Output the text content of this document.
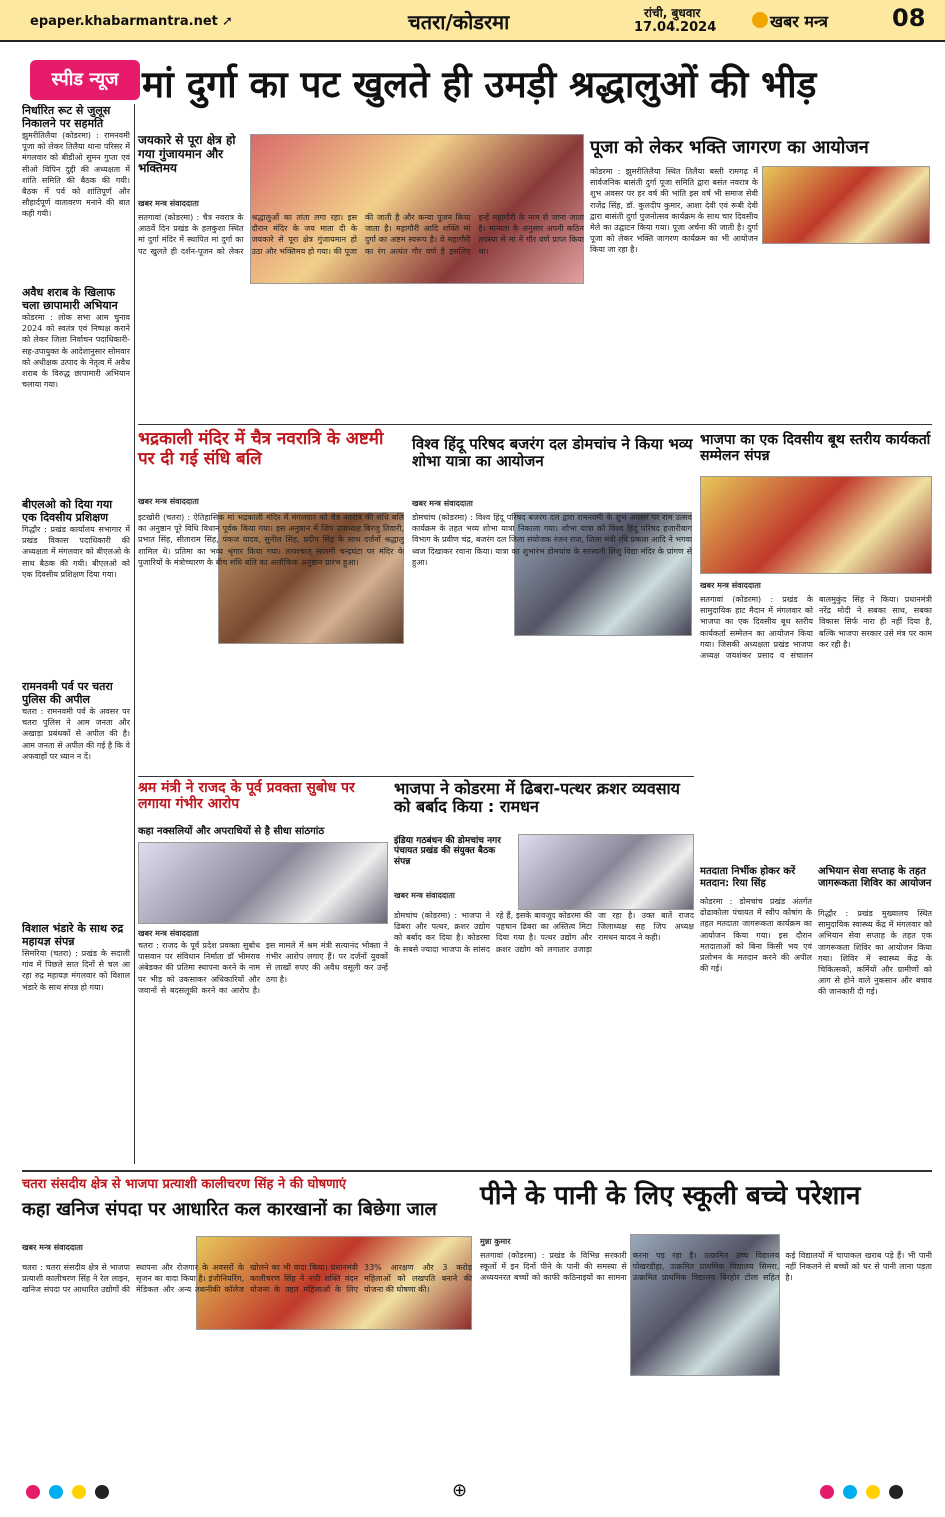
epaper.khabarmantra.net ➚	चतरा/कोडरमा	रांची, बुधवार
17.04.2024	खबर मन्त्र	08
स्पीड न्यूज मां दुर्गा का पट खुलते ही उमड़ी श्रद्धालुओं की भीड़
निर्धारित रूट से जुलूस निकालने पर सहमति

झुमरीतिलैया (कोडरमा) : रामनवमी पूजा को लेकर तिलैया थाना परिसर में मंगलवार को बीडीओ सुमन गुप्ता एवं सीओ विपिन दुद्दी की अध्यक्षता में शांति समिति की बैठक की गयी। बैठक में पर्व को शांतिपूर्ण और सौहार्दपूर्ण वातावरण मनाने की बात कही गयी।

अवैध शराब के खिलाफ चला छापामारी अभियान

कोडरमा : लोक सभा आम चुनाव 2024 को स्वतंत्र एवं निष्पक्ष कराने को लेकर जिला निर्वाचन पदाधिकारी-सह-उपायुक्त के आदेशानुसार सोमवार को अधीक्षक उत्पाद के नेतृत्व में अवैध शराब के विरुद्ध छापामारी अभियान चलाया गया।

बीएलओ को दिया गया एक दिवसीय प्रशिक्षण

गिद्धौर : प्रखंड कार्यालय सभागार में प्रखंड विकास पदाधिकारी की अध्यक्षता में मंगलवार को बीएलओ के साथ बैठक की गयी। बीएलओ को एक दिवसीय प्रशिक्षण दिया गया।

रामनवमी पर्व पर चतरा पुलिस की अपील

चतरा : रामनवमी पर्व के अवसर पर चतरा पुलिस ने आम जनता और अखाड़ा प्रबंधकों से अपील की है। आम जनता से अपील की गई है कि वे अफवाहों पर ध्यान न दें।

विशाल भंडारे के साथ रुद्र महायज्ञ संपन्न

सिमरिया (चतरा) : प्रखंड के सदाली गांव में पिछले सात दिनों से चल आ रहा रुद्र महायज्ञ मंगलवार को विशाल भंडारे के साथ संपन्न हो गया।

जयकारे से पूरा क्षेत्र हो गया गुंजायमान और भक्तिमय
खबर मन्त्र संवाददाता
सतगावां (कोडरमा) : चैत्र नवरात्र के आठवें दिन प्रखंड के हलकुशा स्थित मां दुर्गा मंदिर में स्थापित मां दुर्गा का पट खुलते ही दर्शन-पूजन को लेकर श्रद्धालुओं का तांता लगा रहा। इस दौरान मंदिर के जय माता दी के जयकारे से पूरा क्षेत्र गुंजायमान हो उठा और भक्तिमय हो गया। की पूजा की जाती है और कन्या पूजन किया जाता है। महागौरी आदि शक्ति मां दुर्गा का अष्टम स्वरूप है। वे महागौरी का रंग अत्यंत गौर वर्ण है इसलिए इन्हें महागौरी के नाम से जाना जाता है। मान्यता के अनुसार अपनी कठिन तपस्या से मां ने गौर वर्ण प्राप्त किया था।
पूजा को लेकर भक्ति जागरण का आयोजन
कोडरमा : झुमरीतिलैया स्थित तिलैया बस्ती रामगढ़ में सार्वजनिक बासंती दुर्गा पूजा समिति द्वारा बसंत नवरात्र के शुभ अवसर पर हर वर्ष की भांति इस वर्ष भी समाज सेवी राजेंद्र सिंह, डॉ. कुलदीप कुमार, आशा देवी एवं रूबी देवी द्वारा बासंती दुर्गा पुजनोत्सव कार्यक्रम के साथ चार दिवसीय मेले का उद्घाटन किया गया। पूजा अर्चना की जाती है। दुर्गा पूजा को लेकर भक्ति जागरण कार्यक्रम का भी आयोजन किया जा रहा है।
भद्रकाली मंदिर में चैत्र नवरात्रि के अष्टमी पर दी गई संधि बलि
खबर मन्त्र संवाददाता
इटखोरी (चतरा) : ऐतिहासिक मां भद्रकाली मंदिर में मंगलवार को चैत्र नवरात्र की संधि बलि का अनुष्ठान पूरे विधि विधान पूर्वक किया गया। इस अनुष्ठान में जिप उपाध्यक्ष बिरजु तिवारी, प्रभात सिंह, सीताराम सिंह, पंकज यादव, सुनील सिंह, प्रदीप सिंह के साथ दर्जनों श्रद्धालु शामिल थे। प्रतिमा का भव्य श्रृंगार किया गया। तत्पश्चात् सप्तमी चन्द्रघंटा पर मंदिर के पुजारियों के मंत्रोच्चारण के बीच संधि बलि का अलौकिक अनुष्ठान प्रारंभ हुआ।
विश्व हिंदू परिषद बजरंग दल डोमचांच ने किया भव्य शोभा यात्रा का आयोजन
खबर मन्त्र संवाददाता
डोमचांच (कोडरमा) : विश्व हिंदू परिषद बजरंग दल द्वारा रामनवमी के शुभ अवसर पर राम उत्सव कार्यक्रम के तहत भव्य शोभा यात्रा निकाला गया। शोभा यात्रा को विश्व हिंदू परिषद हजारीबाग विभाग के प्रवीण चंद्र, बजरंग दल जिला संयोजक रंजन राज, जिला मंत्री रवि प्रकाश आदि ने भगवा ध्वज दिखाकर रवाना किया। यात्रा का शुभारंभ डोमचांच के सरस्वती शिशु विद्या मंदिर के प्रांगण से हुआ।
भाजपा का एक दिवसीय बूथ स्तरीय कार्यकर्ता सम्मेलन संपन्न
खबर मन्त्र संवाददाता
सतगावां (कोडरमा) : प्रखंड के सामुदायिक हाट मैदान में मंगलवार को भाजपा का एक दिवसीय बूथ स्तरीय कार्यकर्ता सम्मेलन का आयोजन किया गया। जिसकी अध्यक्षता प्रखंड भाजपा अध्यक्ष जयशंकर प्रसाद व संचालन बालमुकुंद सिंह ने किया। प्रधानमंत्री नरेंद्र मोदी ने सबका साथ, सबका विकास सिर्फ नारा ही नहीं दिया है, बल्कि भाजपा सरकार उसे मंत्र पर काम कर रही है।
श्रम मंत्री ने राजद के पूर्व प्रवक्ता सुबोध पर लगाया गंभीर आरोप
कहा नक्सलियों और अपराधियों से है सीधा सांठगांठ
खबर मन्त्र संवाददाता
चतरा : राजद के पूर्व प्रदेश प्रवक्ता सुबोध पासवान पर संविधान निर्माता डॉ भीमराव अंबेडकर की प्रतिमा स्थापना करने के नाम पर भीड़ को उकसाकर अधिकारियों और जवानों से बदसलूकी करने का आरोप है। इस मामले में श्रम मंत्री सत्यानंद भोक्ता ने गंभीर आरोप लगाए हैं। पर दर्जनों युवकों से लाखों रुपए की अवैध वसूली कर उन्हें ठगा है।
भाजपा ने कोडरमा में ढिबरा-पत्थर क्रशर व्यवसाय को बर्बाद किया : रामधन
इंडिया गठबंधन की डोमचांच नगर पंचायत प्रखंड की संयुक्त बैठक संपन्न
खबर मन्त्र संवाददाता
डोमचांच (कोडरमा) : भाजपा ने ढिबरा और पत्थर, क्रशर उद्योग को बर्बाद कर दिया है। कोडरमा के सबसे ज्यादा भाजपा के सांसद रहे हैं, इसके बावजूद कोडरमा की पहचान ढिबरा का अस्तित्व मिटा दिया गया है। पत्थर उद्योग और क्रशर उद्योग को लगातार उजाड़ा जा रहा है। उक्त बातें राजद जिलाध्यक्ष सह जिप अध्यक्ष रामधन यादव ने कही।
मतदाता निर्भीक होकर करें मतदान: रिया सिंह
कोडरमा : डोमचांच प्रखंड अंतर्गत ढोढाकोला पंचायत में स्वीप कोषांग के तहत मतदाता जागरूकता कार्यक्रम का आयोजन किया गया। इस दौरान मतदाताओं को बिना किसी भय एवं प्रलोभन के मतदान करने की अपील की गई।
अभियान सेवा सप्ताह के तहत जागरूकता शिविर का आयोजन
गिद्धौर : प्रखंड मुख्यालय स्थित सामुदायिक स्वास्थ्य केंद्र में मंगलवार को अभियान सेवा सप्ताह के तहत एक जागरूकता शिविर का आयोजन किया गया। शिविर में स्वास्थ्य केंद्र के चिकित्सकों, कर्मियों और ग्रामीणों को आग से होने वाले नुकसान और बचाव की जानकारी दी गई।
चतरा संसदीय क्षेत्र से भाजपा प्रत्याशी कालीचरण सिंह ने की घोषणाएं
कहा खनिज संपदा पर आधारित कल कारखानों का बिछेगा जाल
खबर मन्त्र संवाददाता
चतरा : चतरा संसदीय क्षेत्र से भाजपा प्रत्याशी कालीचरण सिंह ने रेल लाइन, खनिज संपदा पर आधारित उद्योगों की स्थापना और रोजगार के अवसरों के सृजन का वादा किया है। इंजीनियरिंग, मेडिकल और अन्य तकनीकी कॉलेज खोलने का भी वादा किया। प्रधानमंत्री कालीचरण सिंह ने नारी शक्ति वंदन योजना के तहत महिलाओं के लिए 33% आरक्षण और 3 करोड़ महिलाओं को लखपति बनाने की योजना की घोषणा की।
पीने के पानी के लिए स्कूली बच्चे परेशान
मुन्ना कुमार
सतगावां (कोडरमा) : प्रखंड के विभिन्न सरकारी स्कूलों में इन दिनों पीने के पानी की समस्या से अध्ययनरत बच्चों को काफी कठिनाइयों का सामना करना पड़ रहा है। उत्क्रमित उच्च विद्यालय पोखरडीहा, उत्क्रमित प्राथमिक विद्यालय सिमरा, उत्क्रमित प्राथमिक विद्यालय बिरहोर टोला सहित कई विद्यालयों में चापाकल खराब पड़े हैं। भी पानी नहीं निकलने से बच्चों को घर से पानी लाना पड़ता है।

⊕
